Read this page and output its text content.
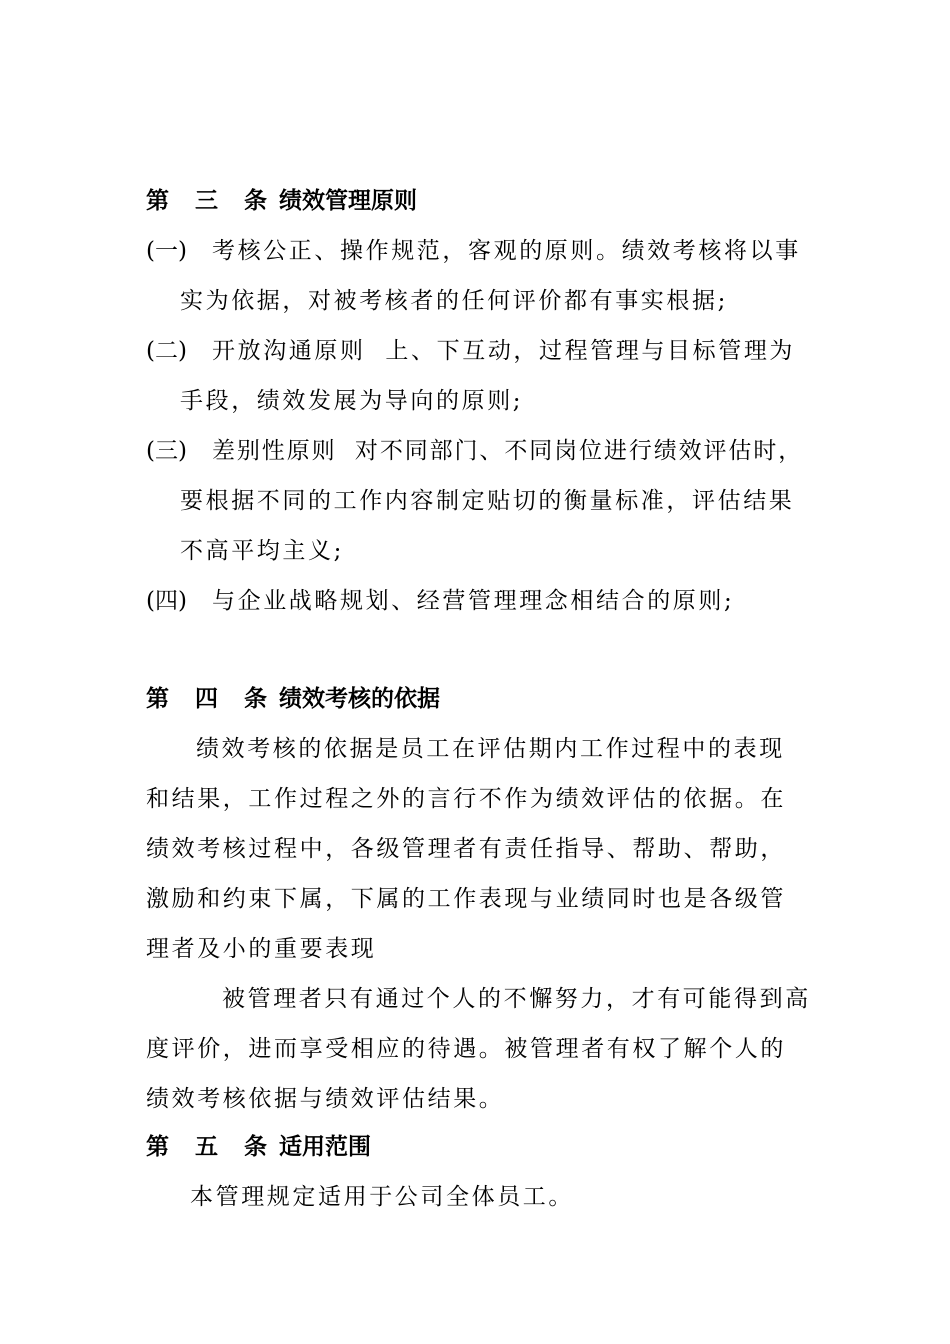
第 三 条 绩效管理原则
(一) 考核公正、操作规范，客观的原则。绩效考核将以事
实为依据，对被考核者的任何评价都有事实根据;
(二) 开放沟通原则  上、下互动，过程管理与目标管理为
手段，绩效发展为导向的原则;
(三) 差别性原则  对不同部门、不同岗位进行绩效评估时，
要根据不同的工作内容制定贴切的衡量标准，评估结果
不高平均主义;
(四) 与企业战略规划、经营管理理念相结合的原则;
第 四 条 绩效考核的依据
绩效考核的依据是员工在评估期内工作过程中的表现
和结果，工作过程之外的言行不作为绩效评估的依据。在
绩效考核过程中，各级管理者有责任指导、帮助、帮助，
激励和约束下属，下属的工作表现与业绩同时也是各级管
理者及小的重要表现
被管理者只有通过个人的不懈努力，才有可能得到高
度评价，进而享受相应的待遇。被管理者有权了解个人的
绩效考核依据与绩效评估结果。
第 五 条 适用范围
本管理规定适用于公司全体员工。
